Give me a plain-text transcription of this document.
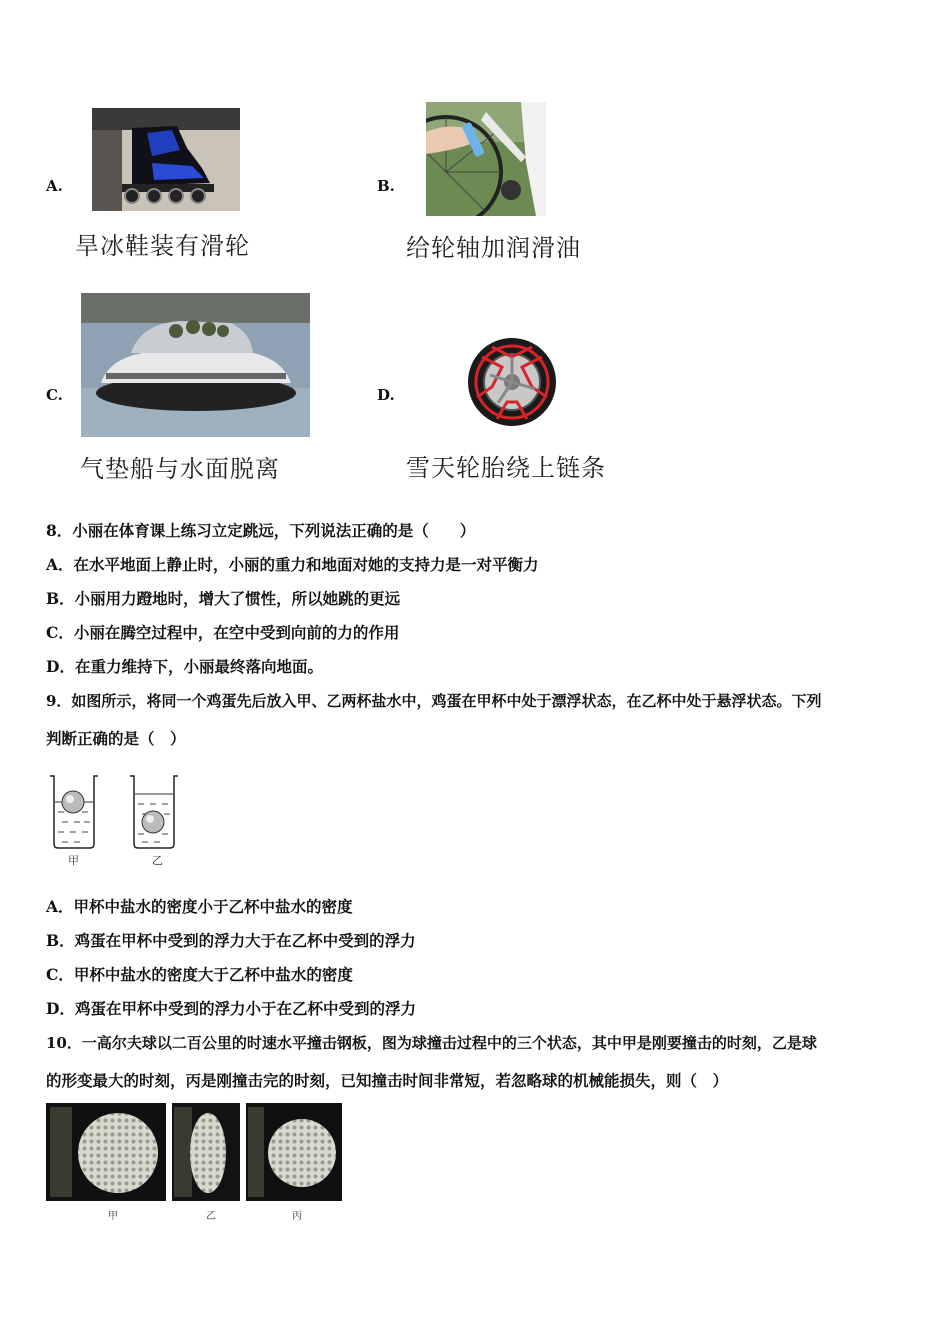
A.
旱冰鞋装有滑轮
B.
给轮轴加润滑油
C.
气垫船与水面脱离
D.
雪天轮胎绕上链条
8．小丽在体育课上练习立定跳远，下列说法正确的是（　　）
A．在水平地面上静止时，小丽的重力和地面对她的支持力是一对平衡力
B．小丽用力蹬地时，增大了惯性，所以她跳的更远
C．小丽在腾空过程中，在空中受到向前的力的作用
D．在重力维持下，小丽最终落向地面。
9．如图所示，将同一个鸡蛋先后放入甲、乙两杯盐水中，鸡蛋在甲杯中处于漂浮状态，在乙杯中处于悬浮状态。下列
判断正确的是（　）
甲	乙
A．甲杯中盐水的密度小于乙杯中盐水的密度
B．鸡蛋在甲杯中受到的浮力大于在乙杯中受到的浮力
C．甲杯中盐水的密度大于乙杯中盐水的密度
D．鸡蛋在甲杯中受到的浮力小于在乙杯中受到的浮力
10．一高尔夫球以二百公里的时速水平撞击钢板，图为球撞击过程中的三个状态，其中甲是刚要撞击的时刻，乙是球
的形变最大的时刻，丙是刚撞击完的时刻，已知撞击时间非常短，若忽略球的机械能损失，则（　）
甲	乙	丙
